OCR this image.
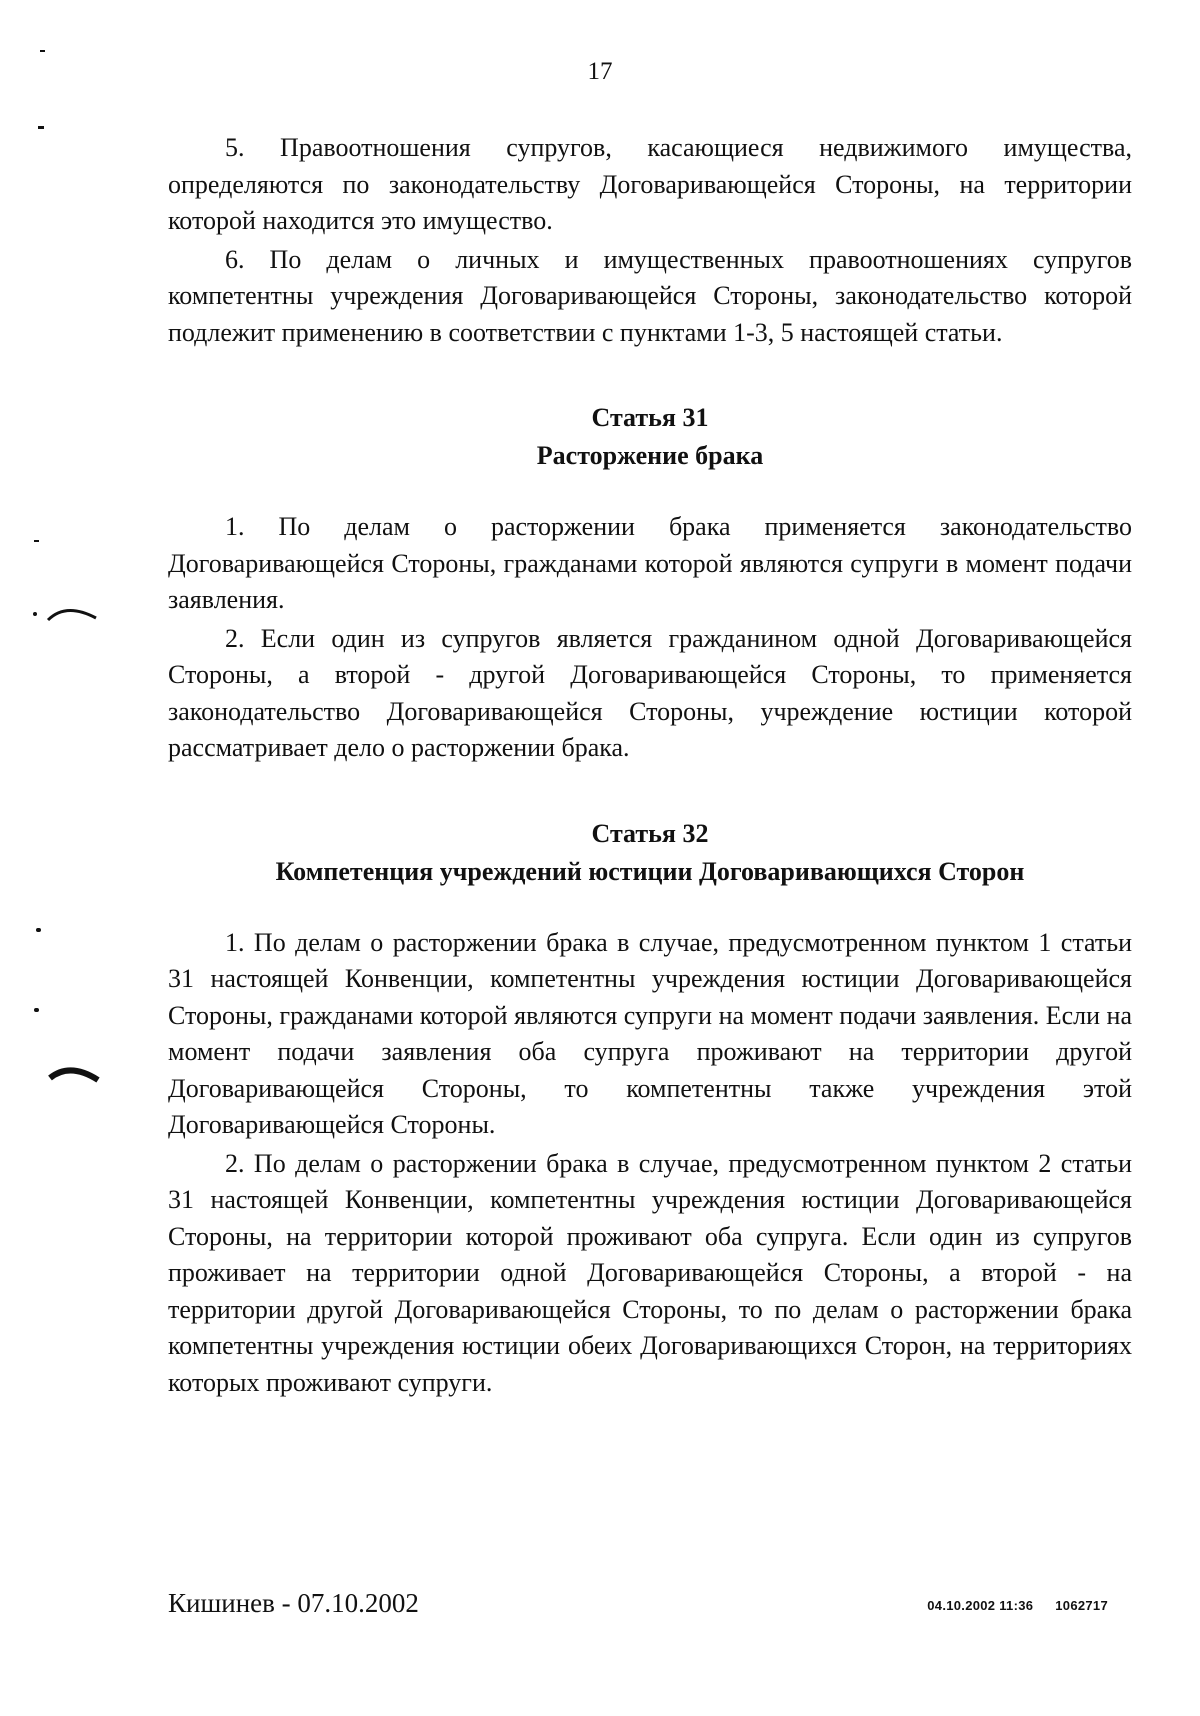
17

5. Правоотношения супругов, касающиеся недвижимого имущества, определяются по законодательству Договаривающейся Стороны, на территории которой находится это имущество.

6. По делам о личных и имущественных правоотношениях супругов компетентны учреждения Договаривающейся Стороны, законодательство которой подлежит применению в соответствии с пунктами 1-3, 5 настоящей статьи.

Статья 31
Расторжение брака

1. По делам о расторжении брака применяется законодательство Договаривающейся Стороны, гражданами которой являются супруги в момент подачи заявления.

2. Если один из супругов является гражданином одной Договаривающейся Стороны, а второй - другой Договаривающейся Стороны, то применяется законодательство Договаривающейся Стороны, учреждение юстиции которой рассматривает дело о расторжении брака.

Статья 32
Компетенция учреждений юстиции Договаривающихся Сторон

1. По делам о расторжении брака в случае, предусмотренном пунктом 1 статьи 31 настоящей Конвенции, компетентны учреждения юстиции Договаривающейся Стороны, гражданами которой являются супруги на момент подачи заявления. Если на момент подачи заявления оба супруга проживают на территории другой Договаривающейся Стороны, то компетентны также учреждения этой Договаривающейся Стороны.

2. По делам о расторжении брака в случае, предусмотренном пунктом 2 статьи 31 настоящей Конвенции, компетентны учреждения юстиции Договаривающейся Стороны, на территории которой проживают оба супруга. Если один из супругов проживает на территории одной Договаривающейся Стороны, а второй - на территории другой Договаривающейся Стороны, то по делам о расторжении брака компетентны учреждения юстиции обеих Договаривающихся Сторон, на территориях которых проживают супруги.

Кишинев - 07.10.2002	04.10.2002 11:36 1062717
